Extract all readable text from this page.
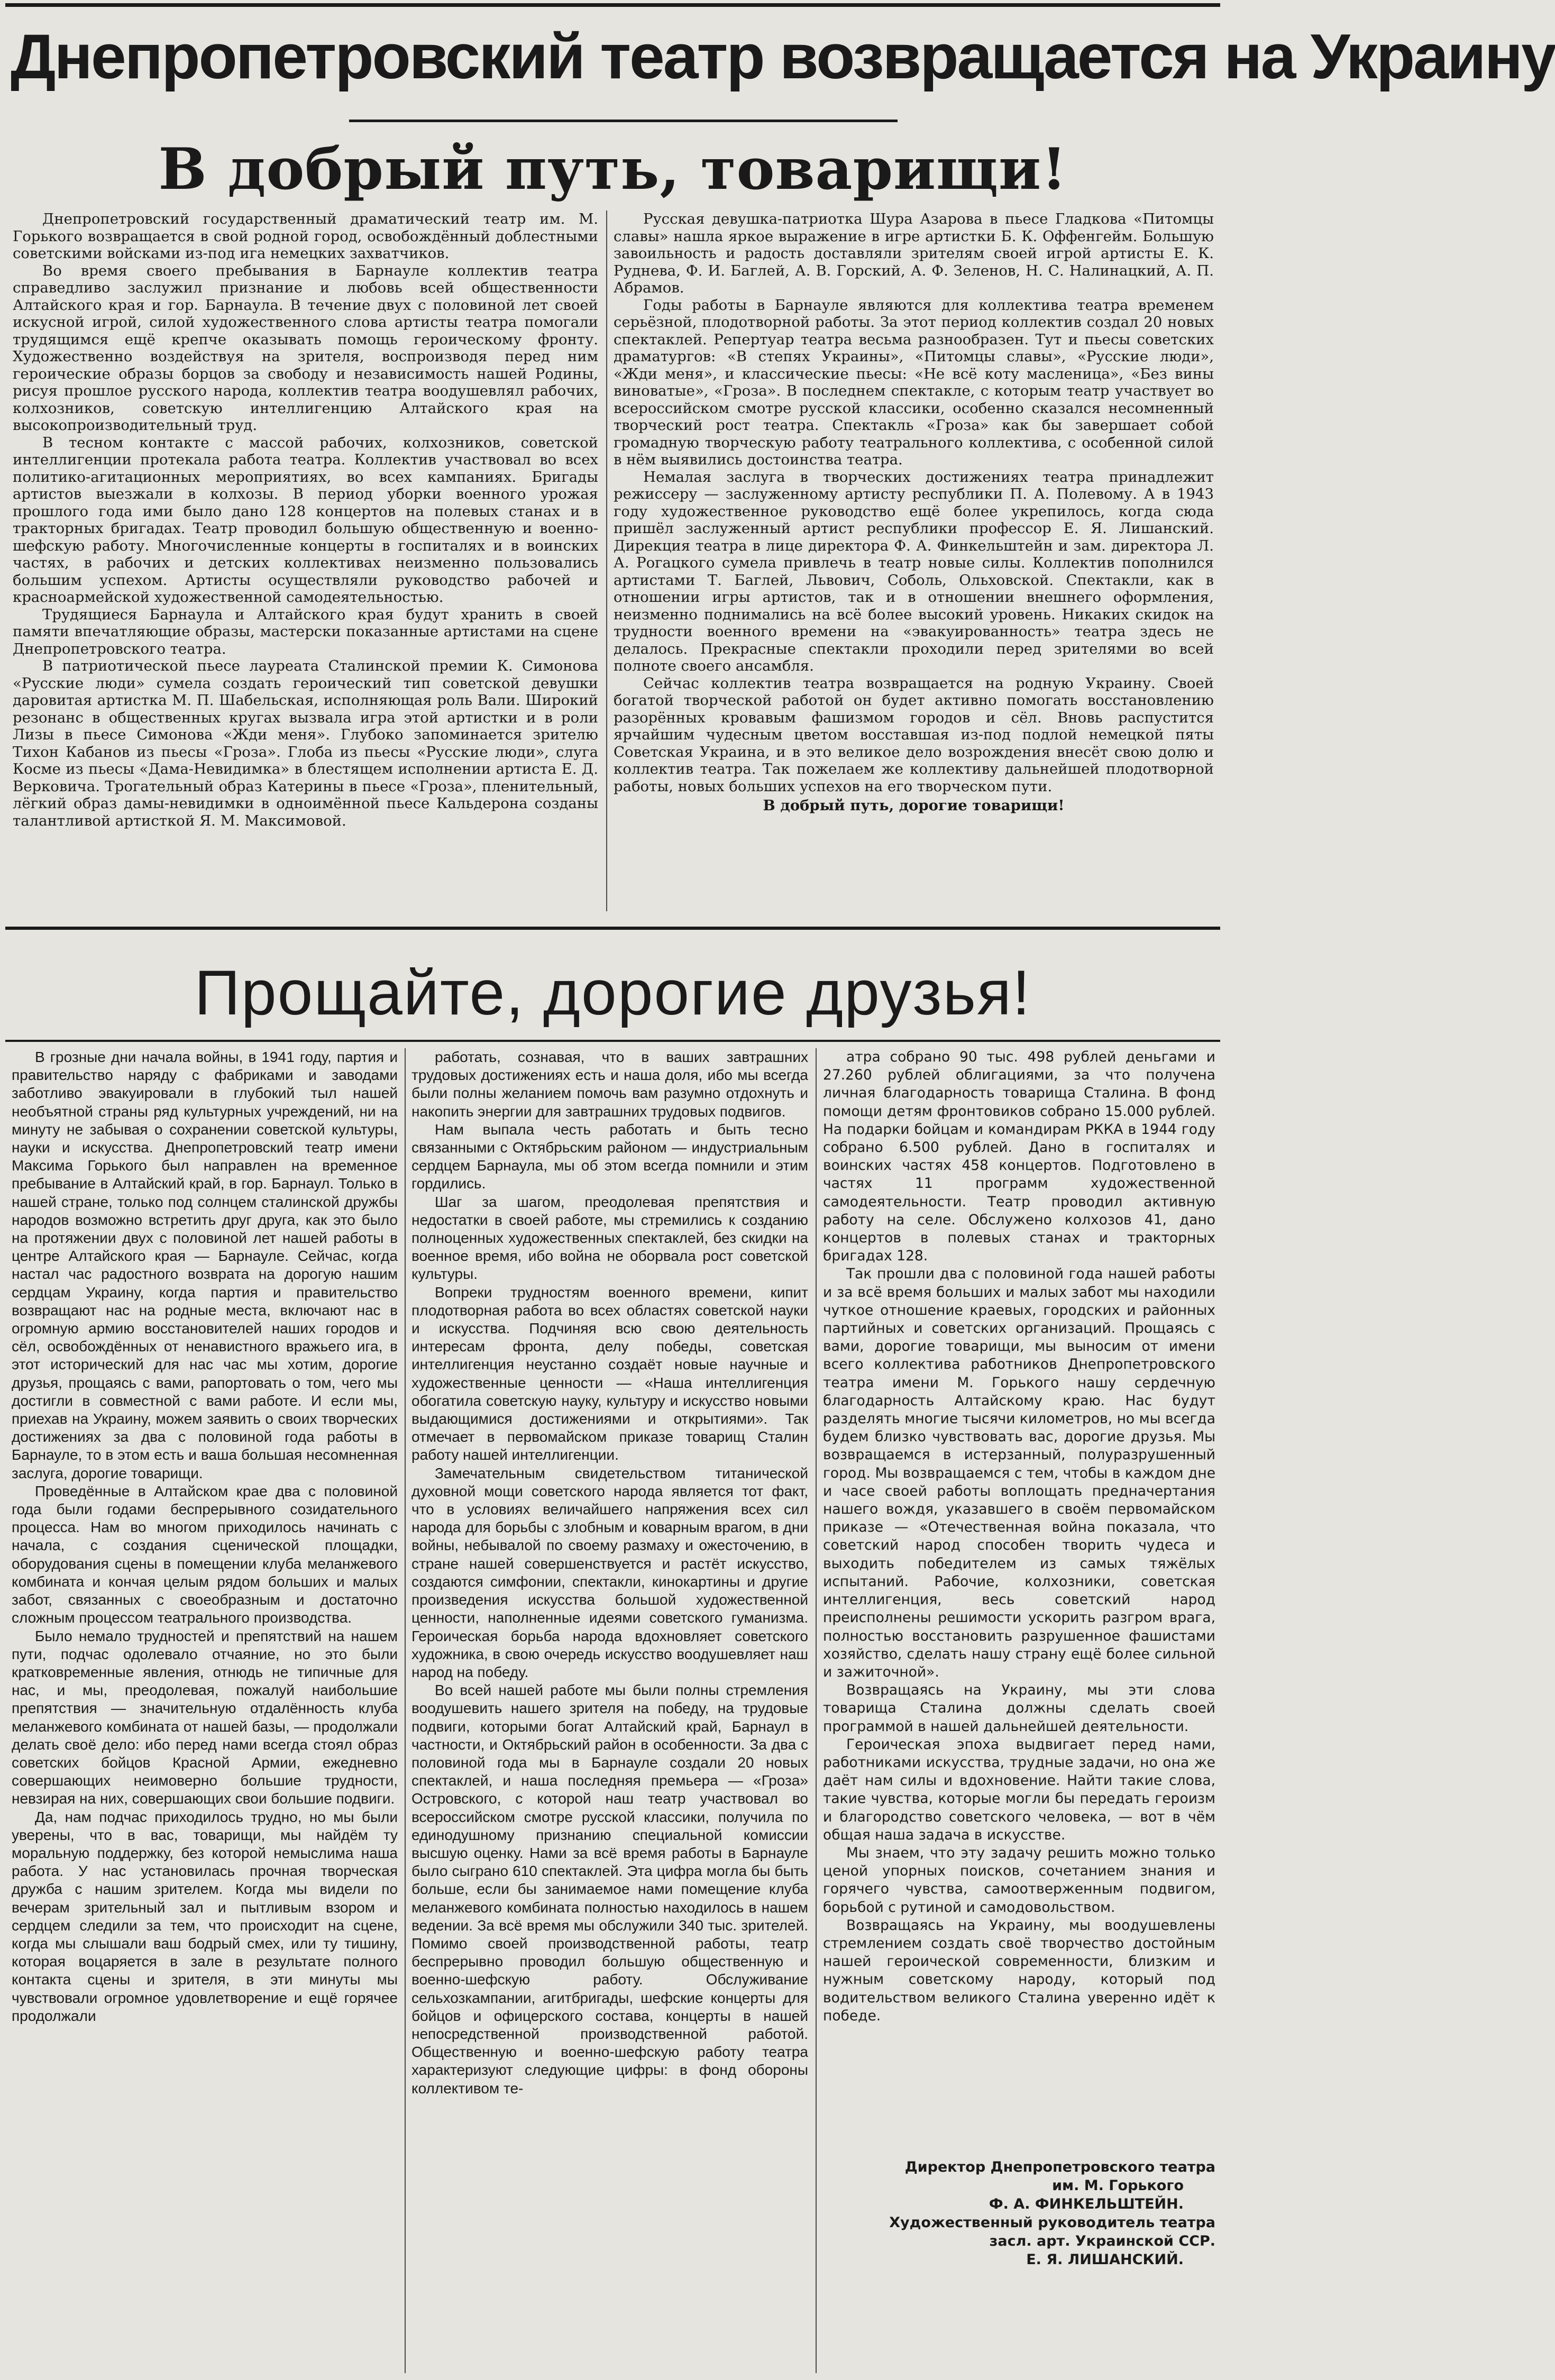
Днепропетровский театр возвращается на Украину
В добрый путь, товарищи!

Днепропетровский государственный драматический театр им. М. Горького возвращается в свой родной город, освобождённый доблестными советскими войсками из-под ига немецких захватчиков.

Во время своего пребывания в Барнауле коллектив театра справедливо заслужил признание и любовь всей общественности Алтайского края и гор. Барнаула. В течение двух с половиной лет своей искусной игрой, силой художественного слова артисты театра помогали трудящимся ещё крепче оказывать помощь героическому фронту. Художественно воздействуя на зрителя, воспроизводя перед ним героические образы борцов за свободу и независимость нашей Родины, рисуя прошлое русского народа, коллектив театра воодушевлял рабочих, колхозников, советскую интеллигенцию Алтайского края на высокопроизводительный труд.

В тесном контакте с массой рабочих, колхозников, советской интеллигенции протекала работа театра. Коллектив участвовал во всех политико-агитационных мероприятиях, во всех кампаниях. Бригады артистов выезжали в колхозы. В период уборки военного урожая прошлого года ими было дано 128 концертов на полевых станах и в тракторных бригадах. Театр проводил большую общественную и военно-шефскую работу. Многочисленные концерты в госпиталях и в воинских частях, в рабочих и детских коллективах неизменно пользовались большим успехом. Артисты осуществляли руководство рабочей и красноармейской художественной самодеятельностью.

Трудящиеся Барнаула и Алтайского края будут хранить в своей памяти впечатляющие образы, мастерски показанные артистами на сцене Днепропетровского театра.

В патриотической пьесе лауреата Сталинской премии К. Симонова «Русские люди» сумела создать героический тип советской девушки даровитая артистка М. П. Шабельская, исполняющая роль Вали. Широкий резонанс в общественных кругах вызвала игра этой артистки и в роли Лизы в пьесе Симонова «Жди меня». Глубоко запоминается зрителю Тихон Кабанов из пьесы «Гроза». Глоба из пьесы «Русские люди», слуга Косме из пьесы «Дама-Невидимка» в блестящем исполнении артиста Е. Д. Верковича. Трогательный образ Катерины в пьесе «Гроза», пленительный, лёгкий образ дамы-невидимки в одноимённой пьесе Кальдерона созданы талантливой артисткой Я. М. Максимовой.

Русская девушка-патриотка Шура Азарова в пьесе Гладкова «Питомцы славы» нашла яркое выражение в игре артистки Б. К. Оффенгейм. Большую завоильность и радость доставляли зрителям своей игрой артисты Е. К. Руднева, Ф. И. Баглей, А. В. Горский, А. Ф. Зеленов, Н. С. Налинацкий, А. П. Абрамов.

Годы работы в Барнауле являются для коллектива театра временем серьёзной, плодотворной работы. За этот период коллектив создал 20 новых спектаклей. Репертуар театра весьма разнообразен. Тут и пьесы советских драматургов: «В степях Украины», «Питомцы славы», «Русские люди», «Жди меня», и классические пьесы: «Не всё коту масленица», «Без вины виноватые», «Гроза». В последнем спектакле, с которым театр участвует во всероссийском смотре русской классики, особенно сказался несомненный творческий рост театра. Спектакль «Гроза» как бы завершает собой громадную творческую работу театрального коллектива, с особенной силой в нём выявились достоинства театра.

Немалая заслуга в творческих достижениях театра принадлежит режиссеру — заслуженному артисту республики П. А. Полевому. А в 1943 году художественное руководство ещё более укрепилось, когда сюда пришёл заслуженный артист республики профессор Е. Я. Лишанский. Дирекция театра в лице директора Ф. А. Финкельштейн и зам. директора Л. А. Рогацкого сумела привлечь в театр новые силы. Коллектив пополнился артистами Т. Баглей, Львович, Соболь, Ольховской. Спектакли, как в отношении игры артистов, так и в отношении внешнего оформления, неизменно поднимались на всё более высокий уровень. Никаких скидок на трудности военного времени на «эвакуированность» театра здесь не делалось. Прекрасные спектакли проходили перед зрителями во всей полноте своего ансамбля.

Сейчас коллектив театра возвращается на родную Украину. Своей богатой творческой работой он будет активно помогать восстановлению разорённых кровавым фашизмом городов и сёл. Вновь распустится ярчайшим чудесным цветом восставшая из-под подлой немецкой пяты Советская Украина, и в это великое дело возрождения внесёт свою долю и коллектив театра. Так пожелаем же коллективу дальнейшей плодотворной работы, новых больших успехов на его творческом пути.

В добрый путь, дорогие товарищи!

Прощайте, дорогие друзья!

В грозные дни начала войны, в 1941 году, партия и правительство наряду с фабриками и заводами заботливо эвакуировали в глубокий тыл нашей необъятной страны ряд культурных учреждений, ни на минуту не забывая о сохранении советской культуры, науки и искусства. Днепропетровский театр имени Максима Горького был направлен на временное пребывание в Алтайский край, в гор. Барнаул. Только в нашей стране, только под солнцем сталинской дружбы народов возможно встретить друг друга, как это было на протяжении двух с половиной лет нашей работы в центре Алтайского края — Барнауле. Сейчас, когда настал час радостного возврата на дорогую нашим сердцам Украину, когда партия и правительство возвращают нас на родные места, включают нас в огромную армию восстановителей наших городов и сёл, освобождённых от ненавистного вражьего ига, в этот исторический для нас час мы хотим, дорогие друзья, прощаясь с вами, рапортовать о том, чего мы достигли в совместной с вами работе. И если мы, приехав на Украину, можем заявить о своих творческих достижениях за два с половиной года работы в Барнауле, то в этом есть и ваша большая несомненная заслуга, дорогие товарищи.

Проведённые в Алтайском крае два с половиной года были годами беспрерывного созидательного процесса. Нам во многом приходилось начинать с начала, с создания сценической площадки, оборудования сцены в помещении клуба меланжевого комбината и кончая целым рядом больших и малых забот, связанных с своеобразным и достаточно сложным процессом театрального производства.

Было немало трудностей и препятствий на нашем пути, подчас одолевало отчаяние, но это были кратковременные явления, отнюдь не типичные для нас, и мы, преодолевая, пожалуй наибольшие препятствия — значительную отдалённость клуба меланжевого комбината от нашей базы, — продолжали делать своё дело: ибо перед нами всегда стоял образ советских бойцов Красной Армии, ежедневно совершающих неимоверно большие трудности, невзирая на них, совершающих свои большие подвиги.

Да, нам подчас приходилось трудно, но мы были уверены, что в вас, товарищи, мы найдём ту моральную поддержку, без которой немыслима наша работа. У нас установилась прочная творческая дружба с нашим зрителем. Когда мы видели по вечерам зрительный зал и пытливым взором и сердцем следили за тем, что происходит на сцене, когда мы слышали ваш бодрый смех, или ту тишину, которая воцаряется в зале в результате полного контакта сцены и зрителя, в эти минуты мы чувствовали огромное удовлетворение и ещё горячее продолжали

работать, сознавая, что в ваших завтрашних трудовых достижениях есть и наша доля, ибо мы всегда были полны желанием помочь вам разумно отдохнуть и накопить энергии для завтрашних трудовых подвигов.

Нам выпала честь работать и быть тесно связанными с Октябрьским районом — индустриальным сердцем Барнаула, мы об этом всегда помнили и этим гордились.

Шаг за шагом, преодолевая препятствия и недостатки в своей работе, мы стремились к созданию полноценных художественных спектаклей, без скидки на военное время, ибо война не оборвала рост советской культуры.

Вопреки трудностям военного времени, кипит плодотворная работа во всех областях советской науки и искусства. Подчиняя всю свою деятельность интересам фронта, делу победы, советская интеллигенция неустанно создаёт новые научные и художественные ценности — «Наша интеллигенция обогатила советскую науку, культуру и искусство новыми выдающимися достижениями и открытиями». Так отмечает в первомайском приказе товарищ Сталин работу нашей интеллигенции.

Замечательным свидетельством титанической духовной мощи советского народа является тот факт, что в условиях величайшего напряжения всех сил народа для борьбы с злобным и коварным врагом, в дни войны, небывалой по своему размаху и ожесточению, в стране нашей совершенствуется и растёт искусство, создаются симфонии, спектакли, кинокартины и другие произведения искусства большой художественной ценности, наполненные идеями советского гуманизма. Героическая борьба народа вдохновляет советского художника, в свою очередь искусство воодушевляет наш народ на победу.

Во всей нашей работе мы были полны стремления воодушевить нашего зрителя на победу, на трудовые подвиги, которыми богат Алтайский край, Барнаул в частности, и Октябрьский район в особенности. За два с половиной года мы в Барнауле создали 20 новых спектаклей, и наша последняя премьера — «Гроза» Островского, с которой наш театр участвовал во всероссийском смотре русской классики, получила по единодушному признанию специальной комиссии высшую оценку. Нами за всё время работы в Барнауле было сыграно 610 спектаклей. Эта цифра могла бы быть больше, если бы занимаемое нами помещение клуба меланжевого комбината полностью находилось в нашем ведении. За всё время мы обслужили 340 тыс. зрителей. Помимо своей производственной работы, театр беспрерывно проводил большую общественную и военно-шефскую работу. Обслуживание сельхозкампании, агитбригады, шефские концерты для бойцов и офицерского состава, концерты в нашей непосредственной производственной работой. Общественную и военно-шефскую работу театра характеризуют следующие цифры: в фонд обороны коллективом те-

атра собрано 90 тыс. 498 рублей деньгами и 27.260 рублей облигациями, за что получена личная благодарность товарища Сталина. В фонд помощи детям фронтовиков собрано 15.000 рублей. На подарки бойцам и командирам РККА в 1944 году собрано 6.500 рублей. Дано в госпиталях и воинских частях 458 концертов. Подготовлено в частях 11 программ художественной самодеятельности. Театр проводил активную работу на селе. Обслужено колхозов 41, дано концертов в полевых станах и тракторных бригадах 128.

Так прошли два с половиной года нашей работы и за всё время больших и малых забот мы находили чуткое отношение краевых, городских и районных партийных и советских организаций. Прощаясь с вами, дорогие товарищи, мы выносим от имени всего коллектива работников Днепропетровского театра имени М. Горького нашу сердечную благодарность Алтайскому краю. Нас будут разделять многие тысячи километров, но мы всегда будем близко чувствовать вас, дорогие друзья. Мы возвращаемся в истерзанный, полуразрушенный город. Мы возвращаемся с тем, чтобы в каждом дне и часе своей работы воплощать предначертания нашего вождя, указавшего в своём первомайском приказе — «Отечественная война показала, что советский народ способен творить чудеса и выходить победителем из самых тяжёлых испытаний. Рабочие, колхозники, советская интеллигенция, весь советский народ преисполнены решимости ускорить разгром врага, полностью восстановить разрушенное фашистами хозяйство, сделать нашу страну ещё более сильной и зажиточной».

Возвращаясь на Украину, мы эти слова товарища Сталина должны сделать своей программой в нашей дальнейшей деятельности.

Героическая эпоха выдвигает перед нами, работниками искусства, трудные задачи, но она же даёт нам силы и вдохновение. Найти такие слова, такие чувства, которые могли бы передать героизм и благородство советского человека, — вот в чём общая наша задача в искусстве.

Мы знаем, что эту задачу решить можно только ценой упорных поисков, сочетанием знания и горячего чувства, самоотверженным подвигом, борьбой с рутиной и самодовольством.

Возвращаясь на Украину, мы воодушевлены стремлением создать своё творчество достойным нашей героической современности, близким и нужным советскому народу, который под водительством великого Сталина уверенно идёт к победе.

Директор Днепропетровского театра
им. М. Горького
Ф. А. ФИНКЕЛЬШТЕЙН.
Художественный руководитель театра
засл. арт. Украинской ССР.
Е. Я. ЛИШАНСКИЙ.
